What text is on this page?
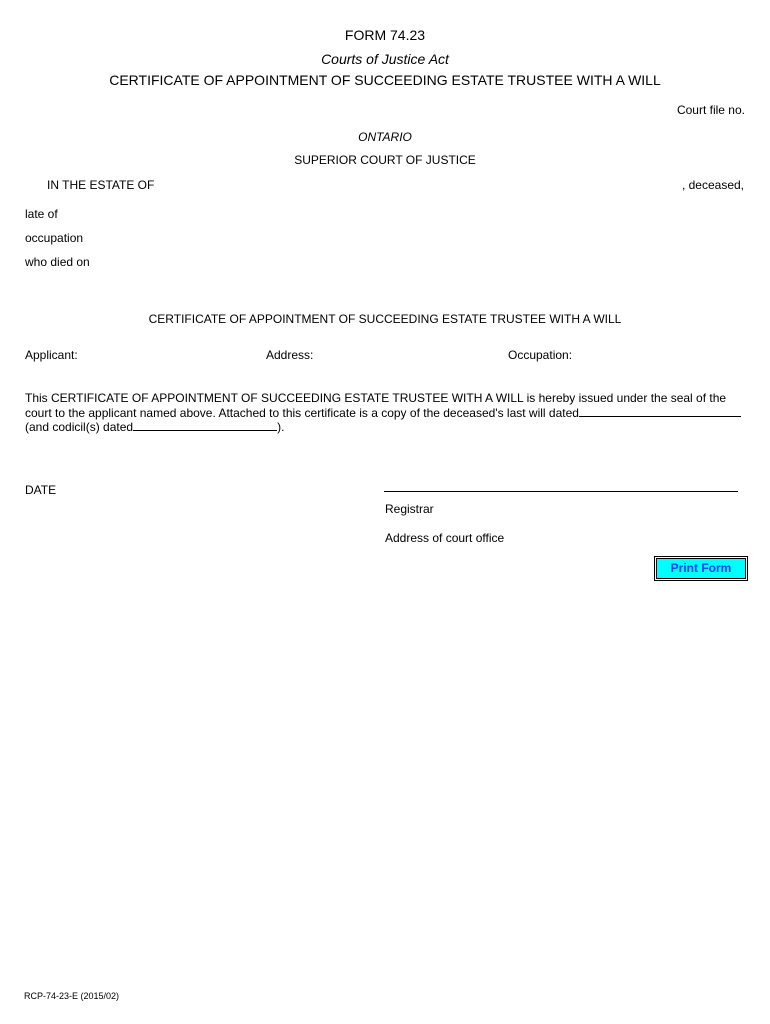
FORM 74.23
Courts of Justice Act
CERTIFICATE OF APPOINTMENT OF SUCCEEDING ESTATE TRUSTEE WITH A WILL
Court file no.
ONTARIO
SUPERIOR COURT OF JUSTICE
IN THE ESTATE OF	, deceased,
late of
occupation
who died on
CERTIFICATE OF APPOINTMENT OF SUCCEEDING ESTATE TRUSTEE WITH A WILL
Applicant:	Address:	Occupation:
This CERTIFICATE OF APPOINTMENT OF SUCCEEDING ESTATE TRUSTEE WITH A WILL is hereby issued under the seal of the court to the applicant named above. Attached to this certificate is a copy of the deceased's last will dated(and codicil(s) dated	).
DATE
Registrar
Address of court office
Print Form
RCP-74-23-E (2015/02)
